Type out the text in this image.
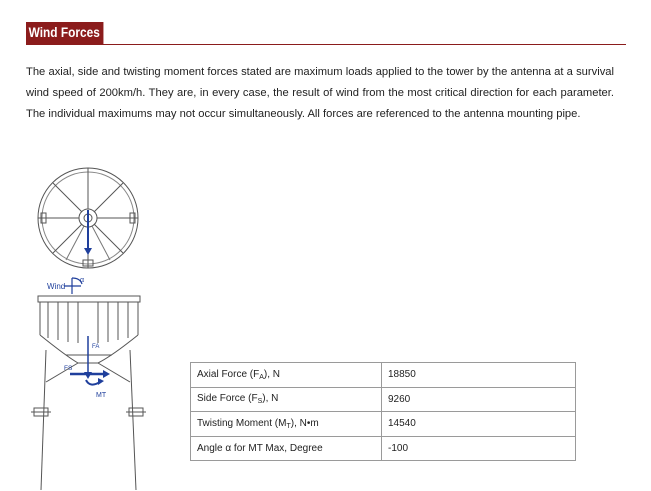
Wind Forces
The axial, side and twisting moment forces stated are maximum loads applied to the tower by the antenna at a survival wind speed of 200km/h. They are, in every case, the result of wind from the most critical direction for each parameter. The individual maximums may not occur simultaneously. All forces are referenced to the antenna mounting pipe.
Wind
α
FA
FS
MT
Axial Force $(F_A)$, N	18850
Side Force $(F_S)$, N	9260
Twisting Moment $(M_T)$, N•m	14540
Angle α for MT Max, Degree	-100
